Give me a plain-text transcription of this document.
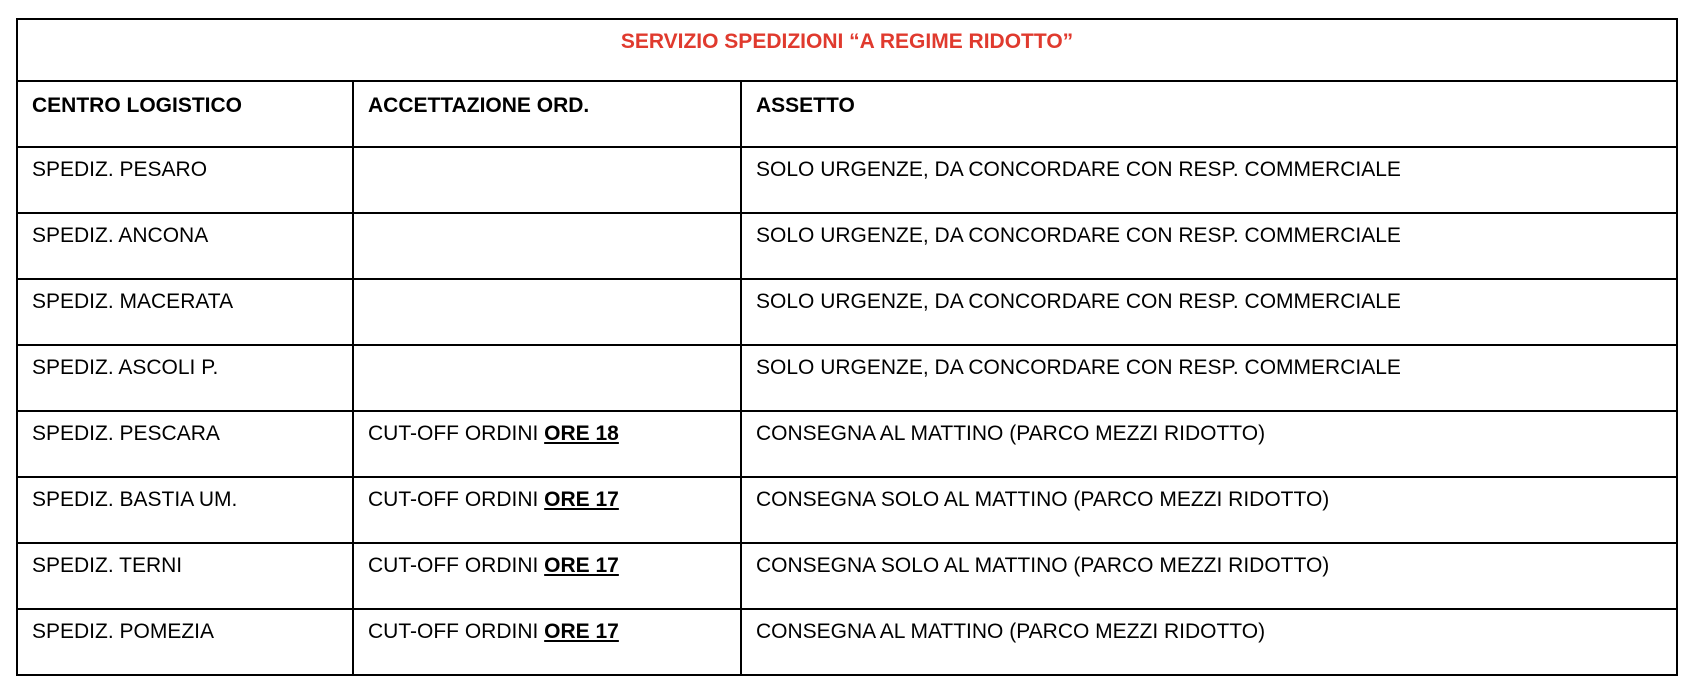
SERVIZIO SPEDIZIONI “A REGIME RIDOTTO”		
CENTRO LOGISTICO	ACCETTAZIONE ORD.	ASSETTO
SPEDIZ. PESARO		SOLO URGENZE, DA CONCORDARE CON RESP. COMMERCIALE
SPEDIZ. ANCONA		SOLO URGENZE, DA CONCORDARE CON RESP. COMMERCIALE
SPEDIZ. MACERATA		SOLO URGENZE, DA CONCORDARE CON RESP. COMMERCIALE
SPEDIZ. ASCOLI P.		SOLO URGENZE, DA CONCORDARE CON RESP. COMMERCIALE
SPEDIZ. PESCARA	CUT-OFF ORDINI ORE 18	CONSEGNA AL MATTINO (PARCO MEZZI RIDOTTO)
SPEDIZ. BASTIA UM.	CUT-OFF ORDINI ORE 17	CONSEGNA SOLO AL MATTINO (PARCO MEZZI RIDOTTO)
SPEDIZ. TERNI	CUT-OFF ORDINI ORE 17	CONSEGNA SOLO AL MATTINO (PARCO MEZZI RIDOTTO)
SPEDIZ. POMEZIA	CUT-OFF ORDINI ORE 17	CONSEGNA AL MATTINO (PARCO MEZZI RIDOTTO)
